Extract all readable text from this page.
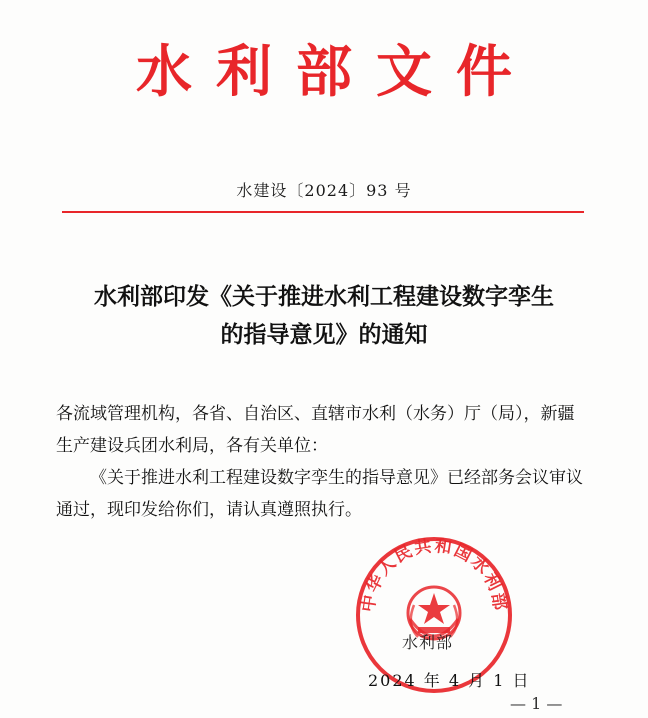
水利部文件
水建设〔2024〕93 号
水利部印发《关于推进水利工程建设数字孪生
的指导意见》的通知

各流域管理机构，各省、自治区、直辖市水利（水务）厅（局），新疆生产建设兵团水利局，各有关单位：

《关于推进水利工程建设数字孪生的指导意见》已经部务会议审议通过，现印发给你们，请认真遵照执行。

中华人民共和国水利部
水利部
2024 年 4 月 1 日
— 1 —
